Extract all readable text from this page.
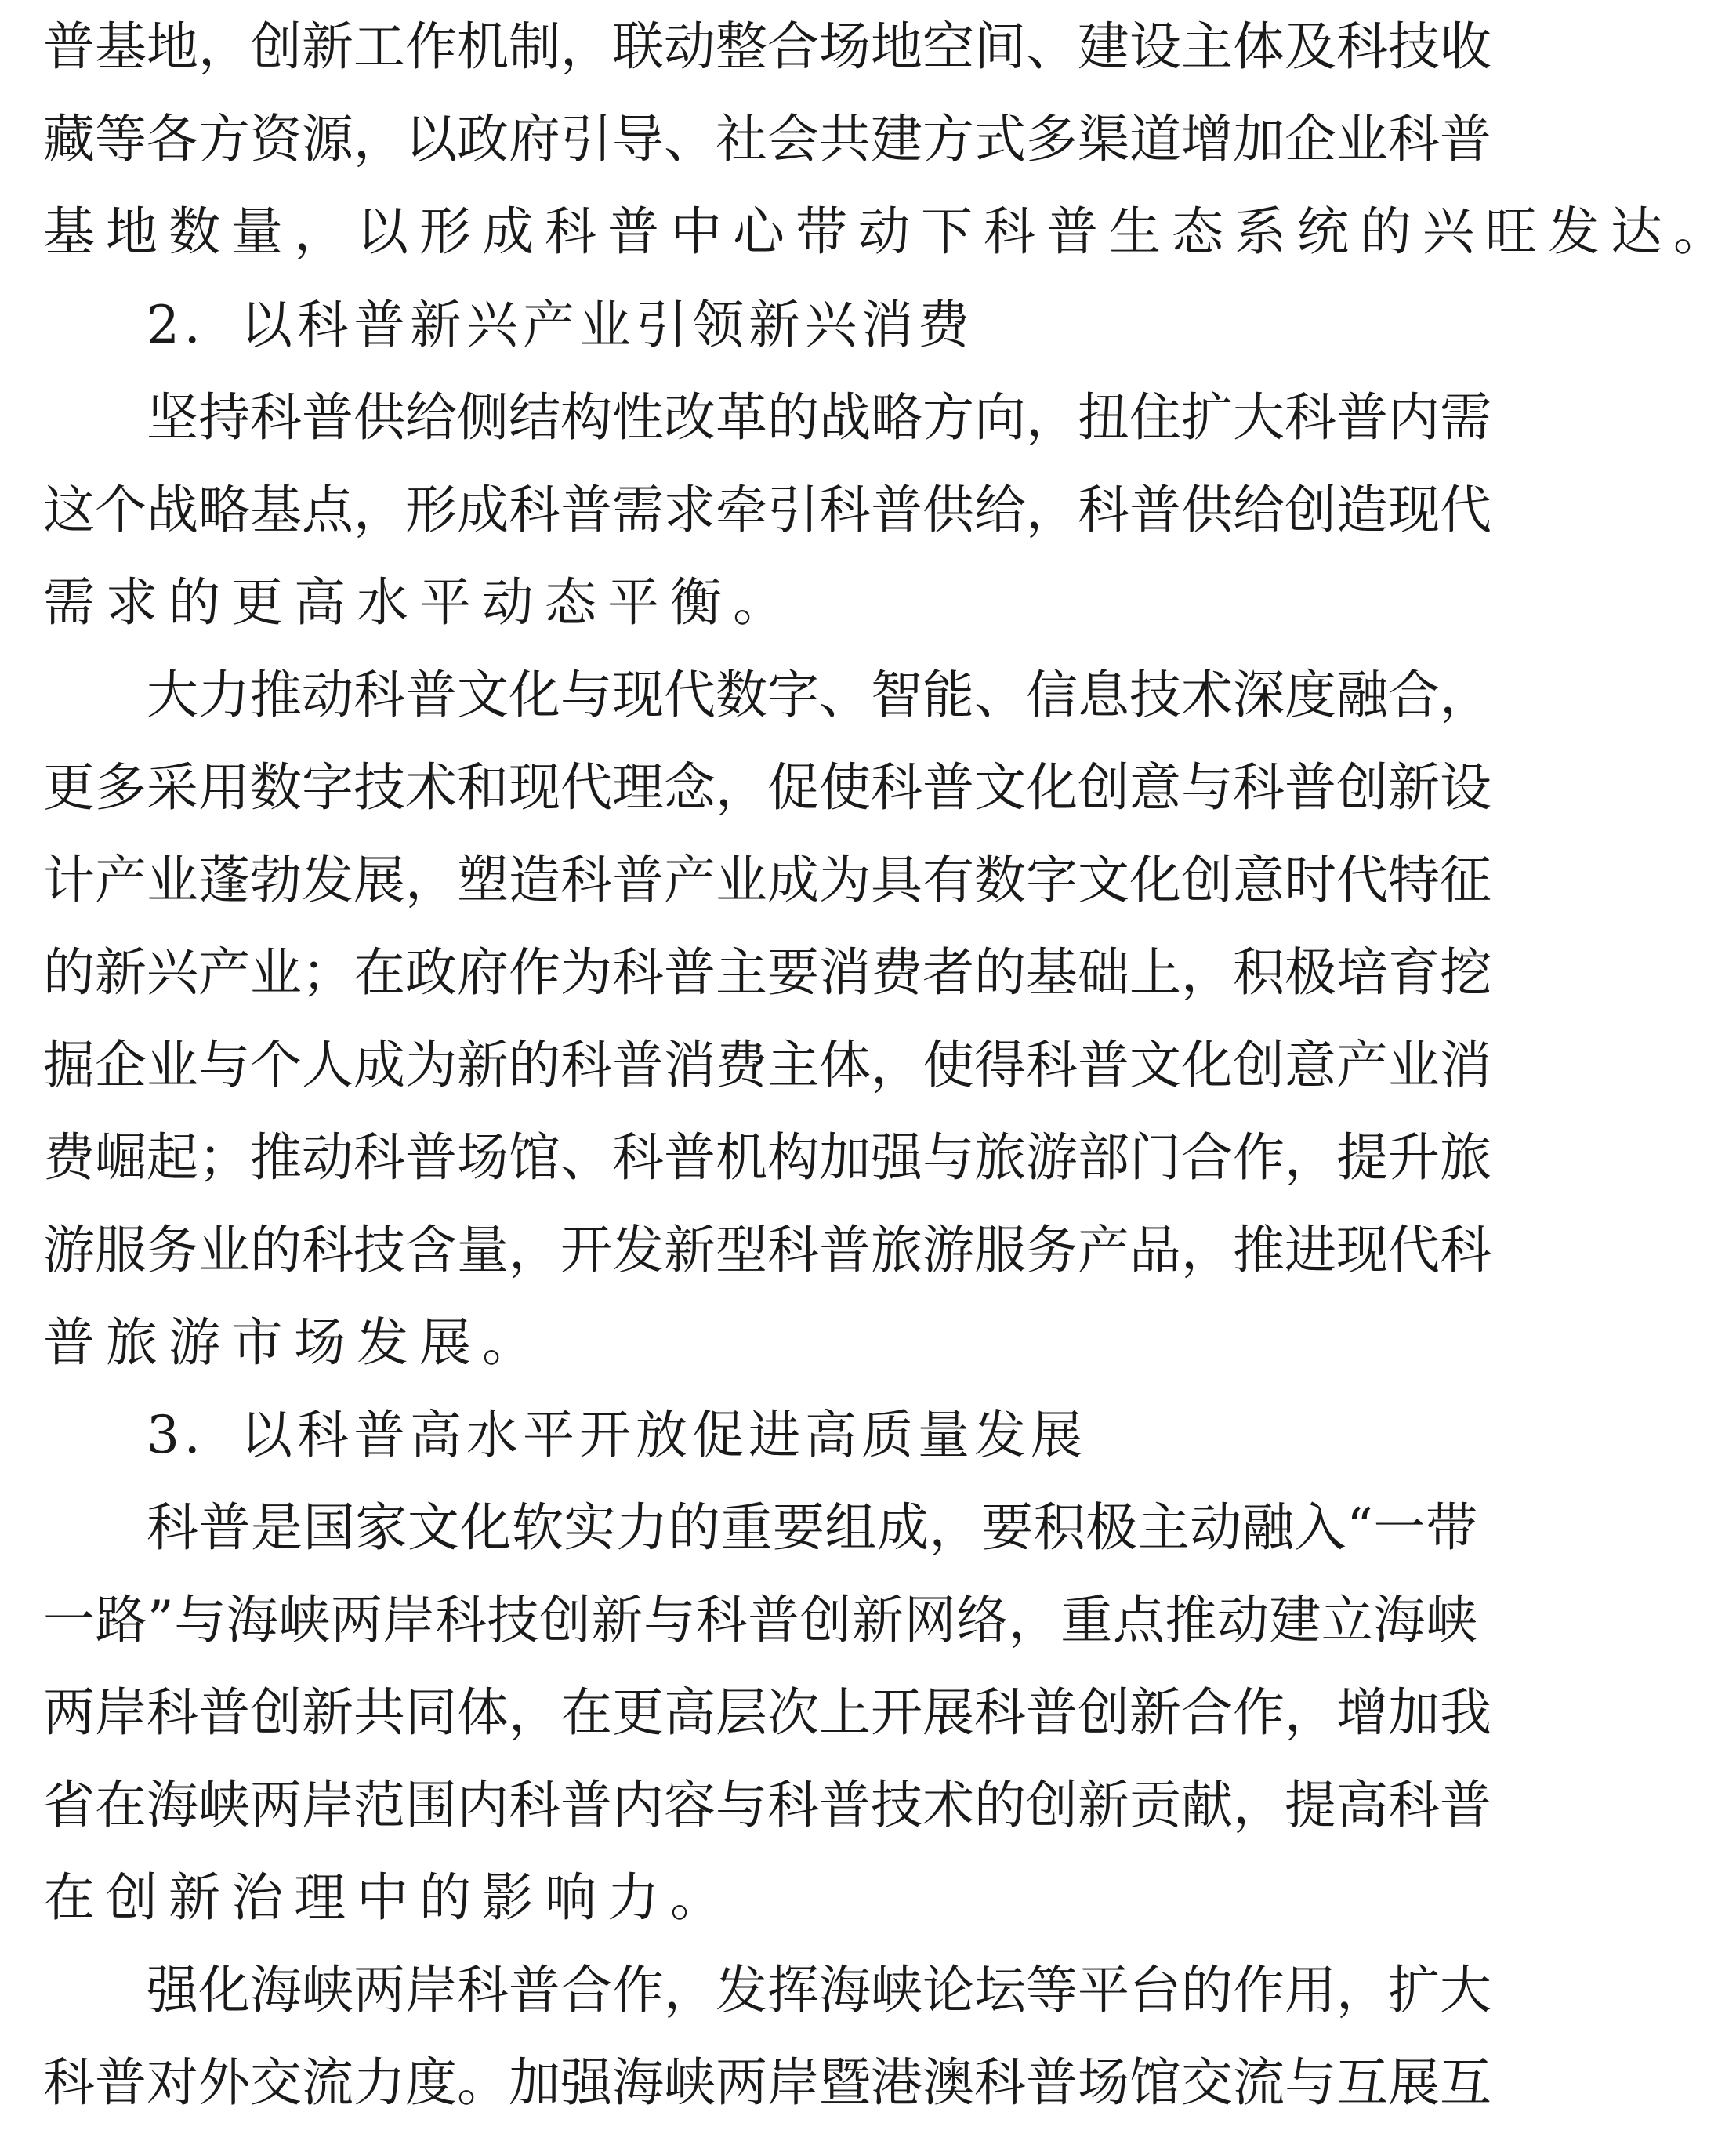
普基地，创新工作机制，联动整合场地空间、建设主体及科技收
藏等各方资源，以政府引导、社会共建方式多渠道增加企业科普
基地数量，以形成科普中心带动下科普生态系统的兴旺发达。
2．以科普新兴产业引领新兴消费
坚持科普供给侧结构性改革的战略方向，扭住扩大科普内需
这个战略基点，形成科普需求牵引科普供给，科普供给创造现代
需求的更高水平动态平衡。
大力推动科普文化与现代数字、智能、信息技术深度融合，
更多采用数字技术和现代理念，促使科普文化创意与科普创新设
计产业蓬勃发展，塑造科普产业成为具有数字文化创意时代特征
的新兴产业；在政府作为科普主要消费者的基础上，积极培育挖
掘企业与个人成为新的科普消费主体，使得科普文化创意产业消
费崛起；推动科普场馆、科普机构加强与旅游部门合作，提升旅
游服务业的科技含量，开发新型科普旅游服务产品，推进现代科
普旅游市场发展。
3．以科普高水平开放促进高质量发展
科普是国家文化软实力的重要组成，要积极主动融入“一带
一路”与海峡两岸科技创新与科普创新网络，重点推动建立海峡
两岸科普创新共同体，在更高层次上开展科普创新合作，增加我
省在海峡两岸范围内科普内容与科普技术的创新贡献，提高科普
在创新治理中的影响力。
强化海峡两岸科普合作，发挥海峡论坛等平台的作用，扩大
科普对外交流力度。加强海峡两岸暨港澳科普场馆交流与互展互
